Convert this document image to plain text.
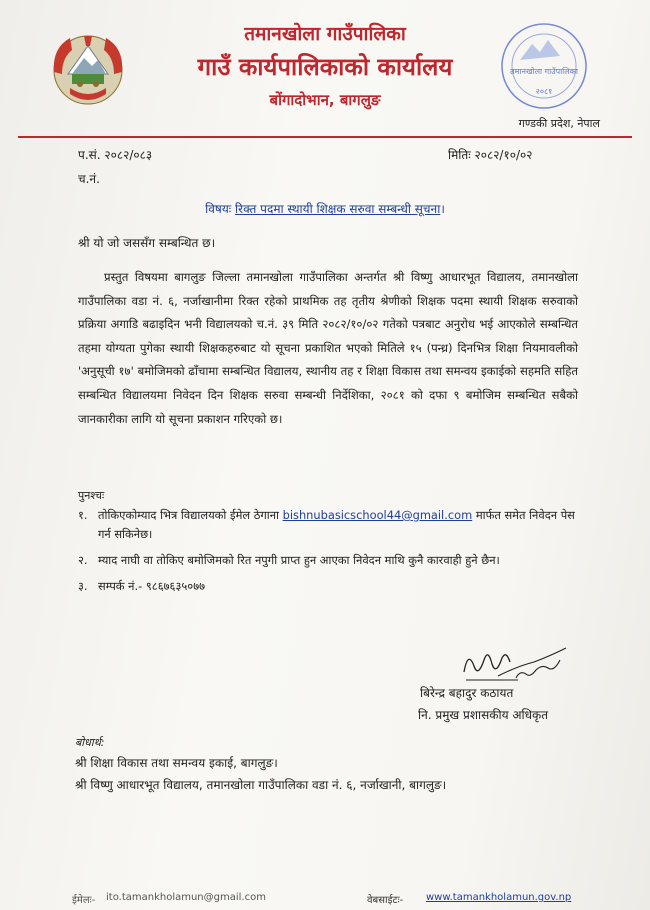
तमानखोला गाउँपालिका
गाउँ कार्यपालिकाको कार्यालय
बोंगादोभान, बागलुङ
तमानखोला गाउँपालिका
२०८१
गण्डकी प्रदेश, नेपाल
प.सं. २०८२/०८३	मितिः २०८२/१०/०२
च.नं.
विषयः रिक्त पदमा स्थायी शिक्षक सरुवा सम्बन्धी सूचना।
श्री यो जो जससँग सम्बन्धित छ।
प्रस्तुत विषयमा बागलुङ जिल्ला तमानखोला गाउँपालिका अन्तर्गत श्री विष्णु आधारभूत विद्यालय, तमानखोला गाउँपालिका वडा नं. ६, नर्जाखानीमा रिक्त रहेको प्राथमिक तह तृतीय श्रेणीको शिक्षक पदमा स्थायी शिक्षक सरुवाको प्रक्रिया अगाडि बढाइदिन भनी विद्यालयको च.नं. ३९ मिति २०८२/१०/०२ गतेको पत्रबाट अनुरोध भई आएकोले सम्बन्धित तहमा योग्यता पुगेका स्थायी शिक्षकहरुबाट यो सूचना प्रकाशित भएको मितिले १५ (पन्ध्र) दिनभित्र शिक्षा नियमावलीको 'अनुसूची १७' बमोजिमको ढाँचामा सम्बन्धित विद्यालय, स्थानीय तह र शिक्षा विकास तथा समन्वय इकाईको सहमति सहित सम्बन्धित विद्यालयमा निवेदन दिन शिक्षक सरुवा सम्बन्धी निर्देशिका, २०८१ को दफा ९ बमोजिम सम्बन्धित सबैको जानकारीका लागि यो सूचना प्रकाशन गरिएको छ।
पुनश्चः
१. तोकिएकोम्याद भित्र विद्यालयको ईमेल ठेगाना bishnubasicschool44@gmail.com मार्फत समेत निवेदन पेस गर्न सकिनेछ।
२. म्याद नाघी वा तोकिए बमोजिमको रित नपुगी प्राप्त हुन आएका निवेदन माथि कुनै कारवाही हुने छैन।
३. सम्पर्क नं.- ९८६७६३५०७७
बिरेन्द्र बहादुर कठायत
नि. प्रमुख प्रशासकीय अधिकृत
बोधार्थ:
श्री शिक्षा विकास तथा समन्वय इकाई, बागलुङ।
श्री विष्णु आधारभूत विद्यालय, तमानखोला गाउँपालिका वडा नं. ६, नर्जाखानी, बागलुङ।
ईमेलः- ito.tamankholamun@gmail.com	वेबसाईटः- www.tamankholamun.gov.np
